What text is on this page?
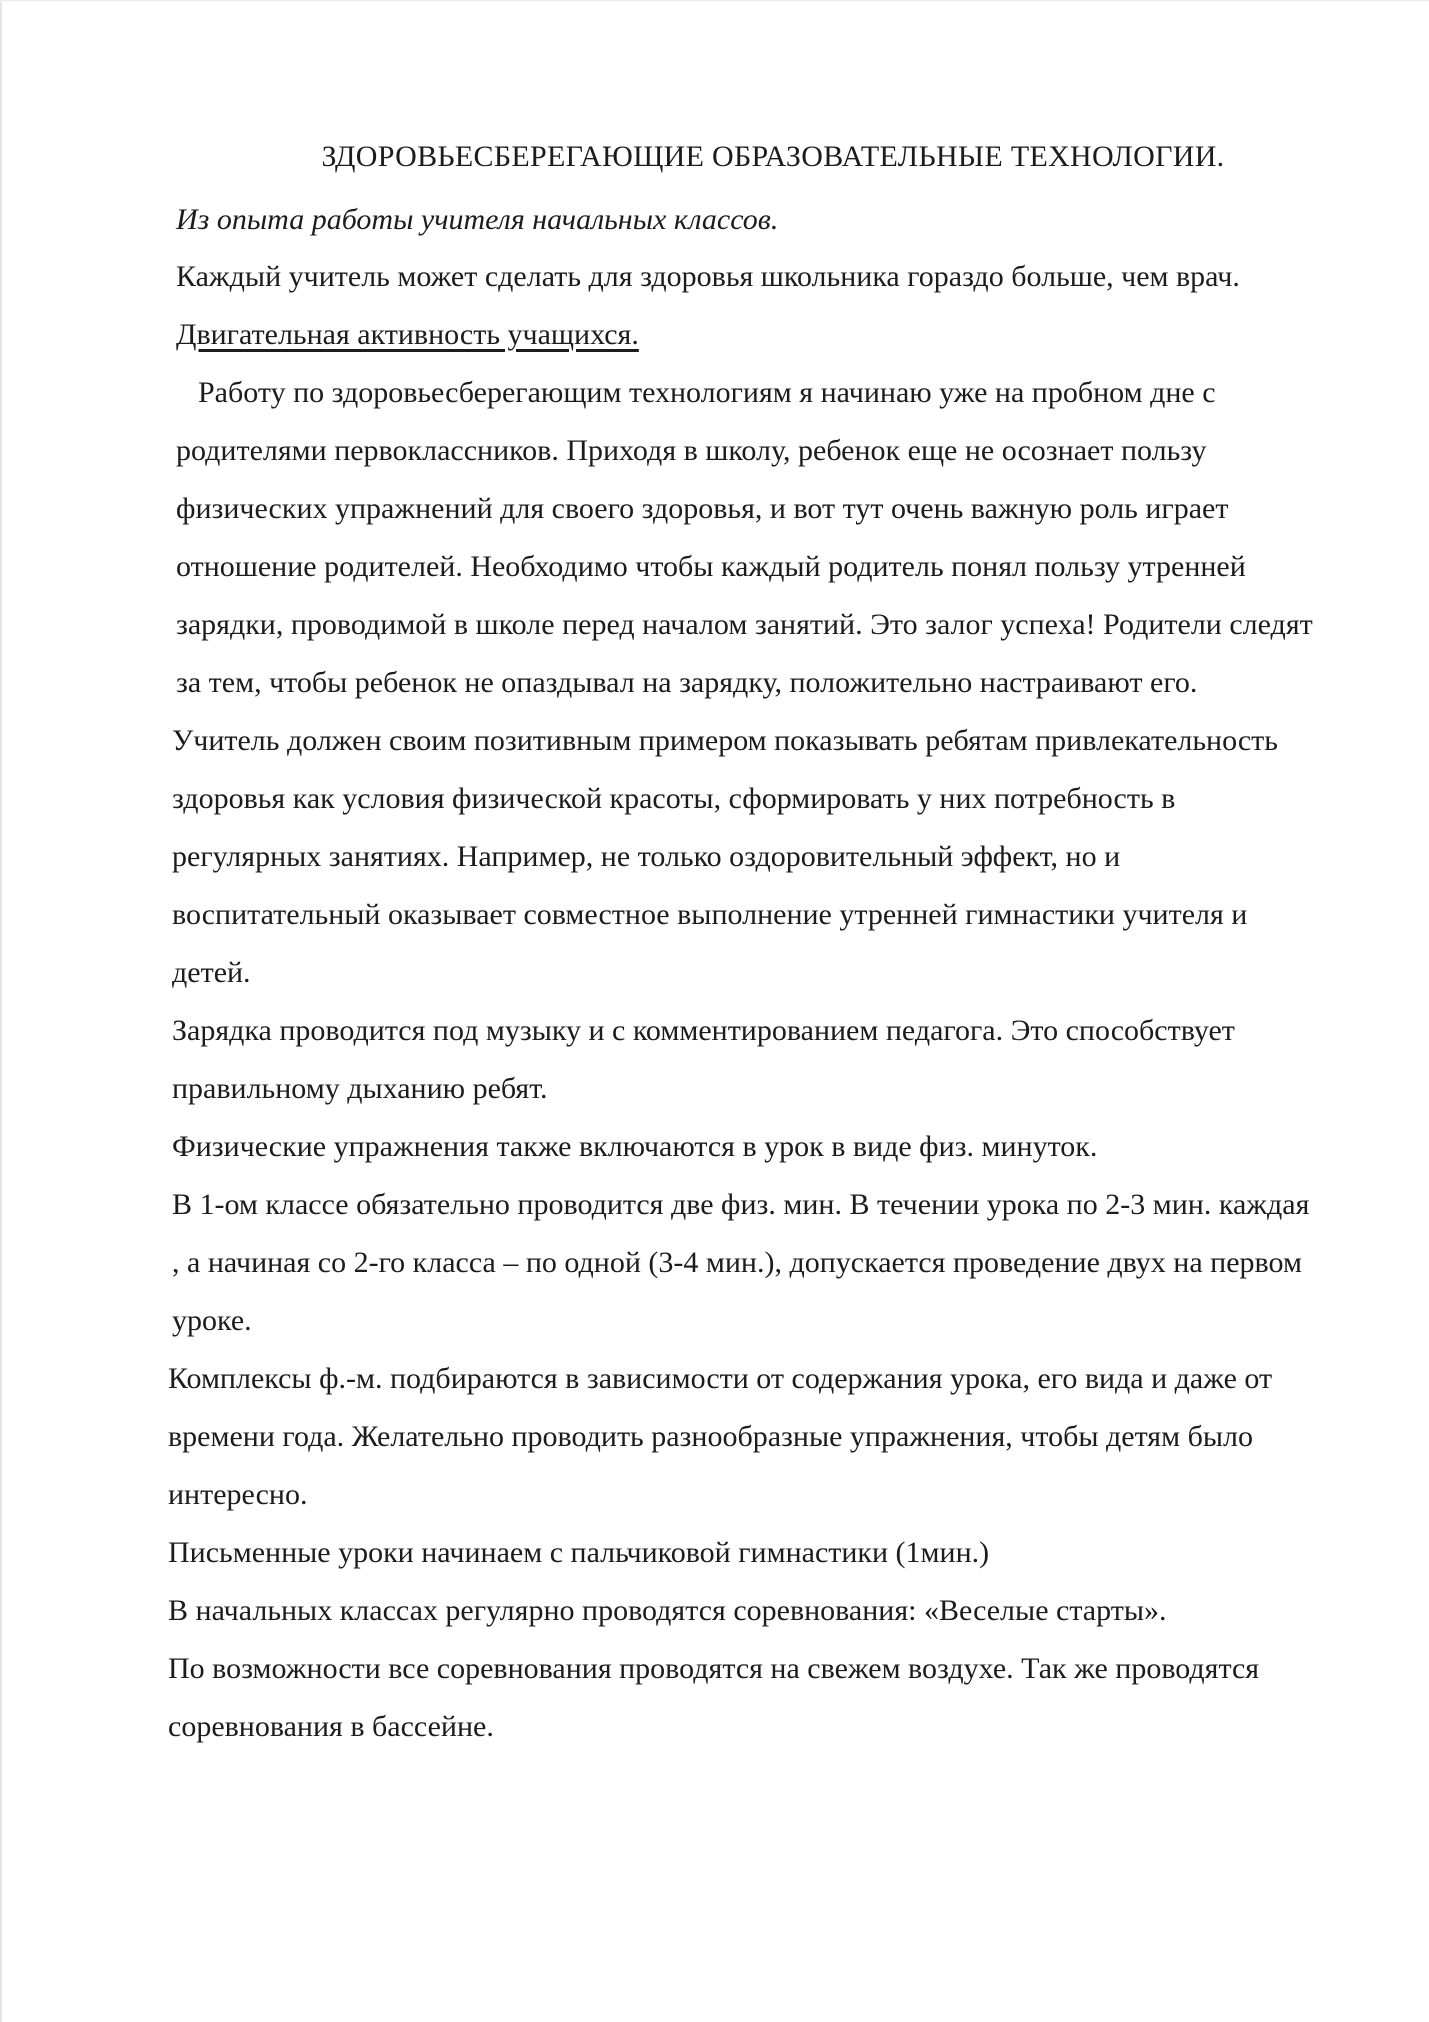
ЗДОРОВЬЕСБЕРЕГАЮЩИЕ ОБРАЗОВАТЕЛЬНЫЕ ТЕХНОЛОГИИ.
Из опыта работы учителя начальных классов.

Каждый учитель может сделать для здоровья школьника гораздо больше, чем врач.

Двигательная активность учащихся.

Работу по здоровьесберегающим технологиям я начинаю уже на пробном дне с родителями первоклассников. Приходя в школу, ребенок еще не осознает пользу физических упражнений для своего здоровья, и вот тут очень важную роль играет отношение родителей. Необходимо чтобы каждый родитель понял пользу утренней зарядки, проводимой в школе перед началом занятий. Это залог успеха! Родители следят за тем, чтобы ребенок не опаздывал на зарядку, положительно настраивают его.

Учитель должен своим позитивным примером показывать ребятам привлекательность здоровья как условия физической красоты, сформировать у них потребность в регулярных занятиях. Например, не только оздоровительный эффект, но и воспитательный оказывает совместное выполнение утренней гимнастики учителя и детей.

Зарядка проводится под музыку и с комментированием педагога. Это способствует правильному дыханию ребят.

Физические упражнения также включаются в урок в виде физ. минуток.

В 1-ом классе обязательно проводится две физ. мин. В течении урока по 2-3 мин. каждая , а начиная со 2-го класса – по одной (3-4 мин.), допускается проведение двух на первом уроке.

Комплексы ф.-м. подбираются в зависимости от содержания урока, его вида и даже от времени года. Желательно проводить разнообразные упражнения, чтобы детям было интересно.

Письменные уроки начинаем с пальчиковой гимнастики (1мин.)

В начальных классах регулярно проводятся соревнования: «Веселые старты».

По возможности все соревнования проводятся на свежем воздухе. Так же проводятся соревнования в бассейне.
